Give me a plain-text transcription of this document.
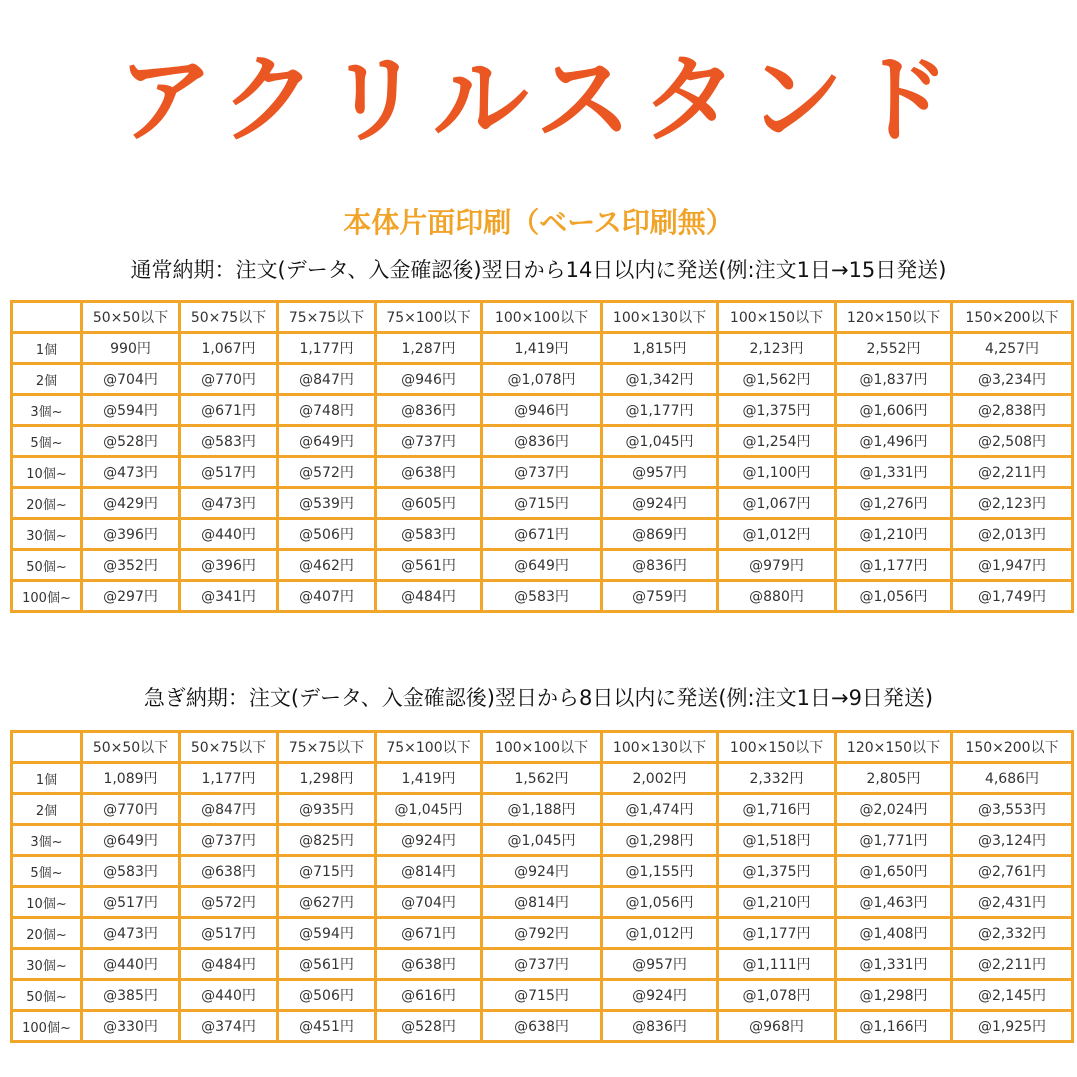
アクリルスタンド
本体片面印刷（ベース印刷無）
通常納期：注文(データ、入金確認後)翌日から14日以内に発送(例:注文1日→15日発送)
	50×50以下	50×75以下	75×75以下	75×100以下	100×100以下	100×130以下	100×150以下	120×150以下	150×200以下
1個	990円	1,067円	1,177円	1,287円	1,419円	1,815円	2,123円	2,552円	4,257円
2個	@704円	@770円	@847円	@946円	@1,078円	@1,342円	@1,562円	@1,837円	@3,234円
3個~	@594円	@671円	@748円	@836円	@946円	@1,177円	@1,375円	@1,606円	@2,838円
5個~	@528円	@583円	@649円	@737円	@836円	@1,045円	@1,254円	@1,496円	@2,508円
10個~	@473円	@517円	@572円	@638円	@737円	@957円	@1,100円	@1,331円	@2,211円
20個~	@429円	@473円	@539円	@605円	@715円	@924円	@1,067円	@1,276円	@2,123円
30個~	@396円	@440円	@506円	@583円	@671円	@869円	@1,012円	@1,210円	@2,013円
50個~	@352円	@396円	@462円	@561円	@649円	@836円	@979円	@1,177円	@1,947円
100個~	@297円	@341円	@407円	@484円	@583円	@759円	@880円	@1,056円	@1,749円
急ぎ納期：注文(データ、入金確認後)翌日から8日以内に発送(例:注文1日→9日発送)
	50×50以下	50×75以下	75×75以下	75×100以下	100×100以下	100×130以下	100×150以下	120×150以下	150×200以下
1個	1,089円	1,177円	1,298円	1,419円	1,562円	2,002円	2,332円	2,805円	4,686円
2個	@770円	@847円	@935円	@1,045円	@1,188円	@1,474円	@1,716円	@2,024円	@3,553円
3個~	@649円	@737円	@825円	@924円	@1,045円	@1,298円	@1,518円	@1,771円	@3,124円
5個~	@583円	@638円	@715円	@814円	@924円	@1,155円	@1,375円	@1,650円	@2,761円
10個~	@517円	@572円	@627円	@704円	@814円	@1,056円	@1,210円	@1,463円	@2,431円
20個~	@473円	@517円	@594円	@671円	@792円	@1,012円	@1,177円	@1,408円	@2,332円
30個~	@440円	@484円	@561円	@638円	@737円	@957円	@1,111円	@1,331円	@2,211円
50個~	@385円	@440円	@506円	@616円	@715円	@924円	@1,078円	@1,298円	@2,145円
100個~	@330円	@374円	@451円	@528円	@638円	@836円	@968円	@1,166円	@1,925円
